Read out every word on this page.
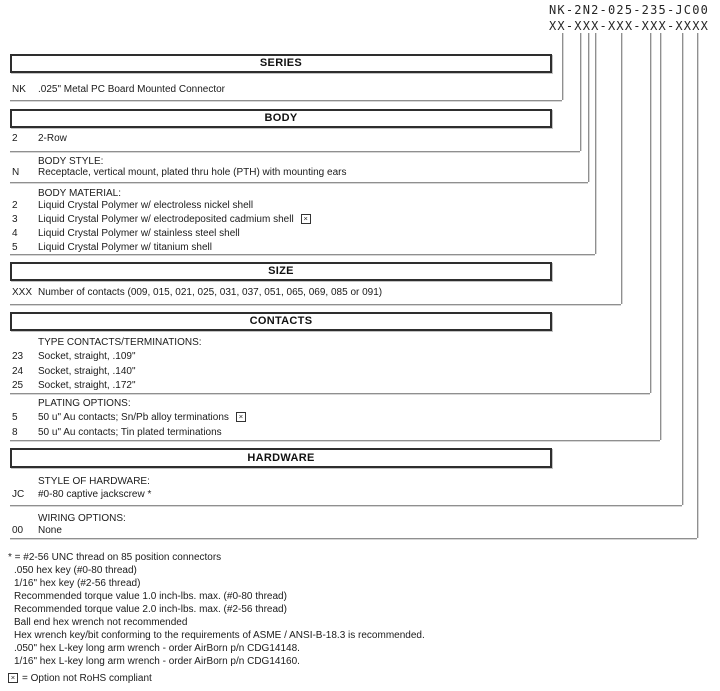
NK-2N2-025-235-JC00
XX-XXX-XXX-XXX-XXXX
SERIES
NK .025" Metal PC Board Mounted Connector
BODY
2 2-Row
BODY STYLE:
N Receptacle, vertical mount, plated thru hole (PTH) with mounting ears
BODY MATERIAL:
2 Liquid Crystal Polymer w/ electroless nickel shell
3 Liquid Crystal Polymer w/ electrodeposited cadmium shell ×
4 Liquid Crystal Polymer w/ stainless steel shell
5 Liquid Crystal Polymer w/ titanium shell
SIZE
XXX Number of contacts (009, 015, 021, 025, 031, 037, 051, 065, 069, 085 or 091)
CONTACTS
TYPE CONTACTS/TERMINATIONS:
23 Socket, straight, .109"
24 Socket, straight, .140"
25 Socket, straight, .172"
PLATING OPTIONS:
5 50 u" Au contacts; Sn/Pb alloy terminations ×
8 50 u" Au contacts; Tin plated terminations
HARDWARE
STYLE OF HARDWARE:
JC #0-80 captive jackscrew *
WIRING OPTIONS:
00 None
* = #2-56 UNC thread on 85 position connectors
.050 hex key (#0-80 thread)
1/16" hex key (#2-56 thread)
Recommended torque value 1.0 inch-lbs. max. (#0-80 thread)
Recommended torque value 2.0 inch-lbs. max. (#2-56 thread)
Ball end hex wrench not recommended
Hex wrench key/bit conforming to the requirements of ASME / ANSI-B-18.3 is recommended.
.050" hex L-key long arm wrench - order AirBorn p/n CDG14148.
1/16" hex L-key long arm wrench - order AirBorn p/n CDG14160.
× = Option not RoHS compliant
